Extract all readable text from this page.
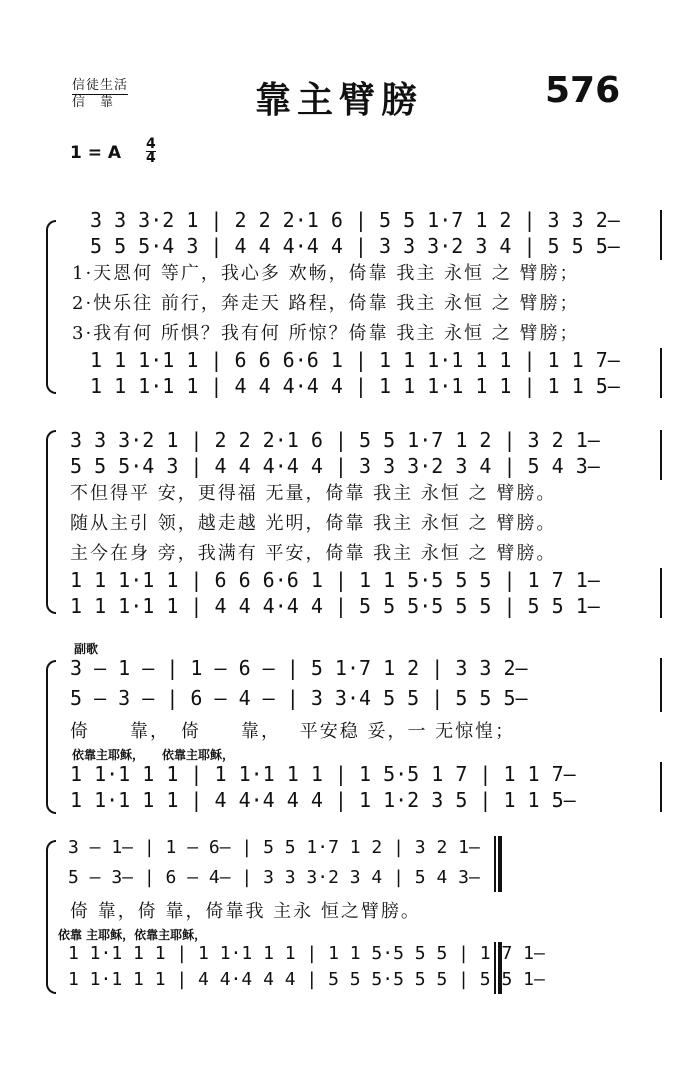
信徒生活
信　靠	靠主臂膀	576
1 = A 4
4
3 3 3·2 1 | 2 2 2·1 6 | 5 5 1·7 1 2 | 3 3 2–
5 5 5·4 3 | 4 4 4·4 4 | 3 3 3·2 3 4 | 5 5 5–
1·天恩何 等广，我心多 欢畅，倚靠 我主 永恒 之 臂膀；
2·快乐往 前行，奔走天 路程，倚靠 我主 永恒 之 臂膀；
3·我有何 所惧？我有何 所惊？倚靠 我主 永恒 之 臂膀；
1 1 1·1 1 | 6 6 6·6 1 | 1 1 1·1 1 1 | 1 1 7–
1 1 1·1 1 | 4 4 4·4 4 | 1 1 1·1 1 1 | 1 1 5–
3 3 3·2 1 | 2 2 2·1 6 | 5 5 1·7 1 2 | 3 2 1–
5 5 5·4 3 | 4 4 4·4 4 | 3 3 3·2 3 4 | 5 4 3–
不但得平 安，更得福 无量，倚靠 我主 永恒 之 臂膀。
随从主引 领，越走越 光明，倚靠 我主 永恒 之 臂膀。
主今在身 旁，我满有 平安，倚靠 我主 永恒 之 臂膀。
1 1 1·1 1 | 6 6 6·6 1 | 1 1 5·5 5 5 | 1 7 1–
1 1 1·1 1 | 4 4 4·4 4 | 5 5 5·5 5 5 | 5 5 1–
副歌
3 – 1 – | 1 – 6 – | 5 1·7 1 2 | 3 3 2–
5 – 3 – | 6 – 4 – | 3 3·4 5 5 | 5 5 5–
倚　　靠，　倚　　靠，　 平安稳 妥，一 无惊惶；
依靠主耶稣，　　依靠主耶稣，
1 1·1 1 1 | 1 1·1 1 1 | 1 5·5 1 7 | 1 1 7–
1 1·1 1 1 | 4 4·4 4 4 | 1 1·2 3 5 | 1 1 5–
3 – 1– | 1 – 6– | 5 5 1·7 1 2 | 3 2 1–
5 – 3– | 6 – 4– | 3 3 3·2 3 4 | 5 4 3–
倚 靠，倚 靠，倚靠我 主永 恒之臂膀。
依靠 主耶稣，依靠主耶稣，
1 1·1 1 1 | 1 1·1 1 1 | 1 1 5·5 5 5 | 1 7 1–
1 1·1 1 1 | 4 4·4 4 4 | 5 5 5·5 5 5 | 5 5 1–
